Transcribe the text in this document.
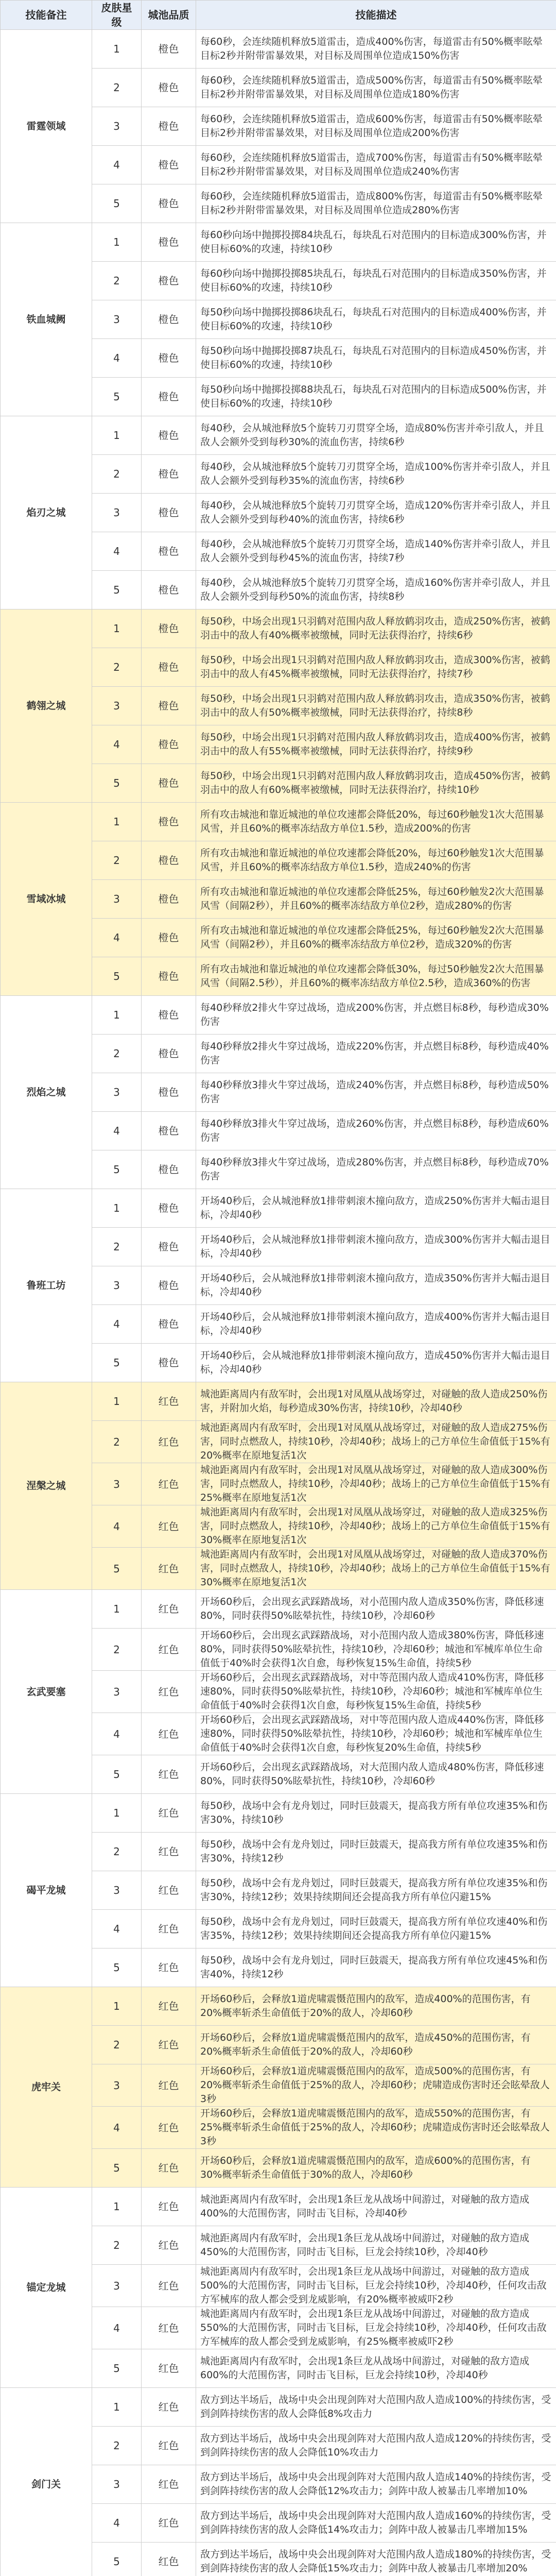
技能备注	皮肤星级	城池品质	技能描述
雷霆领域	1	橙色	每60秒，会连续随机释放5道雷击，造成400%伤害，每道雷击有50%概率眩晕目标2秒并附带雷暴效果，对目标及周围单位造成150%伤害
	2	橙色	每60秒，会连续随机释放5道雷击，造成500%伤害，每道雷击有50%概率眩晕目标2秒并附带雷暴效果，对目标及周围单位造成180%伤害
	3	橙色	每60秒，会连续随机释放5道雷击，造成600%伤害，每道雷击有50%概率眩晕目标2秒并附带雷暴效果，对目标及周围单位造成200%伤害
	4	橙色	每60秒，会连续随机释放5道雷击，造成700%伤害，每道雷击有50%概率眩晕目标2秒并附带雷暴效果，对目标及周围单位造成240%伤害
	5	橙色	每60秒，会连续随机释放5道雷击，造成800%伤害，每道雷击有50%概率眩晕目标2秒并附带雷暴效果，对目标及周围单位造成280%伤害
铁血城阙	1	橙色	每60秒向场中抛掷投掷84块乱石，每块乱石对范围内的目标造成300%伤害，并使目标60%的攻速，持续10秒
	2	橙色	每60秒向场中抛掷投掷85块乱石，每块乱石对范围内的目标造成350%伤害，并使目标60%的攻速，持续10秒
	3	橙色	每50秒向场中抛掷投掷86块乱石，每块乱石对范围内的目标造成400%伤害，并使目标60%的攻速，持续10秒
	4	橙色	每50秒向场中抛掷投掷87块乱石，每块乱石对范围内的目标造成450%伤害，并使目标60%的攻速，持续10秒
	5	橙色	每50秒向场中抛掷投掷88块乱石，每块乱石对范围内的目标造成500%伤害，并使目标60%的攻速，持续10秒
焰刃之城	1	橙色	每40秒，会从城池释放5个旋转刀刃贯穿全场，造成80%伤害并牵引敌人，并且敌人会额外受到每秒30%的流血伤害，持续6秒
	2	橙色	每40秒，会从城池释放5个旋转刀刃贯穿全场，造成100%伤害并牵引敌人，并且敌人会额外受到每秒35%的流血伤害，持续6秒
	3	橙色	每40秒，会从城池释放5个旋转刀刃贯穿全场，造成120%伤害并牵引敌人，并且敌人会额外受到每秒40%的流血伤害，持续6秒
	4	橙色	每40秒，会从城池释放5个旋转刀刃贯穿全场，造成140%伤害并牵引敌人，并且敌人会额外受到每秒45%的流血伤害，持续7秒
	5	橙色	每40秒，会从城池释放5个旋转刀刃贯穿全场，造成160%伤害并牵引敌人，并且敌人会额外受到每秒50%的流血伤害，持续8秒
鹤翎之城	1	橙色	每50秒，中场会出现1只羽鹤对范围内敌人释放鹤羽攻击，造成250%伤害，被鹤羽击中的敌人有40%概率被缴械，同时无法获得治疗，持续6秒
	2	橙色	每50秒，中场会出现1只羽鹤对范围内敌人释放鹤羽攻击，造成300%伤害，被鹤羽击中的敌人有45%概率被缴械，同时无法获得治疗，持续7秒
	3	橙色	每50秒，中场会出现1只羽鹤对范围内敌人释放鹤羽攻击，造成350%伤害，被鹤羽击中的敌人有50%概率被缴械，同时无法获得治疗，持续8秒
	4	橙色	每50秒，中场会出现1只羽鹤对范围内敌人释放鹤羽攻击，造成400%伤害，被鹤羽击中的敌人有55%概率被缴械，同时无法获得治疗，持续9秒
	5	橙色	每50秒，中场会出现1只羽鹤对范围内敌人释放鹤羽攻击，造成450%伤害，被鹤羽击中的敌人有60%概率被缴械，同时无法获得治疗，持续10秒
雪域冰城	1	橙色	所有攻击城池和靠近城池的单位攻速都会降低20%，每过60秒触发1次大范围暴风雪，并且60%的概率冻结敌方单位1.5秒，造成200%的伤害
	2	橙色	所有攻击城池和靠近城池的单位攻速都会降低20%，每过60秒触发1次大范围暴风雪，并且60%的概率冻结敌方单位1.5秒，造成240%的伤害
	3	橙色	所有攻击城池和靠近城池的单位攻速都会降低25%，每过60秒触发2次大范围暴风雪（间隔2秒），并且60%的概率冻结敌方单位2秒，造成280%的伤害
	4	橙色	所有攻击城池和靠近城池的单位攻速都会降低25%，每过60秒触发2次大范围暴风雪（间隔2秒），并且60%的概率冻结敌方单位2秒，造成320%的伤害
	5	橙色	所有攻击城池和靠近城池的单位攻速都会降低30%，每过50秒触发2次大范围暴风雪（间隔2.5秒），并且60%的概率冻结敌方单位2.5秒，造成360%的伤害
烈焰之城	1	橙色	每40秒释放2排火牛穿过战场，造成200%伤害，并点燃目标8秒，每秒造成30%伤害
	2	橙色	每40秒释放2排火牛穿过战场，造成220%伤害，并点燃目标8秒，每秒造成40%伤害
	3	橙色	每40秒释放3排火牛穿过战场，造成240%伤害，并点燃目标8秒，每秒造成50%伤害
	4	橙色	每40秒释放3排火牛穿过战场，造成260%伤害，并点燃目标8秒，每秒造成60%伤害
	5	橙色	每40秒释放3排火牛穿过战场，造成280%伤害，并点燃目标8秒，每秒造成70%伤害
鲁班工坊	1	橙色	开场40秒后，会从城池释放1排带刺滚木撞向敌方，造成250%伤害并大幅击退目标，冷却40秒
	2	橙色	开场40秒后，会从城池释放1排带刺滚木撞向敌方，造成300%伤害并大幅击退目标，冷却40秒
	3	橙色	开场40秒后，会从城池释放1排带刺滚木撞向敌方，造成350%伤害并大幅击退目标，冷却40秒
	4	橙色	开场40秒后，会从城池释放1排带刺滚木撞向敌方，造成400%伤害并大幅击退目标，冷却40秒
	5	橙色	开场40秒后，会从城池释放1排带刺滚木撞向敌方，造成450%伤害并大幅击退目标，冷却40秒
涅槃之城	1	红色	城池距离周内有敌军时，会出现1对凤凰从战场穿过，对碰触的敌人造成250%伤害，并附加火焰，每秒造成30%伤害，持续10秒，冷却40秒
	2	红色	城池距离周内有敌军时，会出现1对凤凰从战场穿过，对碰触的敌人造成275%伤害，同时点燃敌人，持续10秒，冷却40秒；战场上的己方单位生命值低于15%有20%概率在原地复活1次
	3	红色	城池距离周内有敌军时，会出现1对凤凰从战场穿过，对碰触的敌人造成300%伤害，同时点燃敌人，持续10秒，冷却40秒；战场上的己方单位生命值低于15%有25%概率在原地复活1次
	4	红色	城池距离周内有敌军时，会出现1对凤凰从战场穿过，对碰触的敌人造成325%伤害，同时点燃敌人，持续10秒，冷却40秒；战场上的己方单位生命值低于15%有30%概率在原地复活1次
	5	红色	城池距离周内有敌军时，会出现1对凤凰从战场穿过，对碰触的敌人造成370%伤害，同时点燃敌人，持续10秒，冷却40秒；战场上的己方单位生命值低于15%有30%概率在原地复活1次
玄武要塞	1	红色	开场60秒后，会出现玄武踩踏战场，对小范围内敌人造成350%伤害，降低移速80%，同时获得50%眩晕抗性，持续10秒，冷却60秒
	2	红色	开场60秒后，会出现玄武踩踏战场，对小范围内敌人造成380%伤害，降低移速80%，同时获得50%眩晕抗性，持续10秒，冷却60秒；城池和军械库单位生命值低于40%时会获得1次自愈，每秒恢复15%生命值，持续5秒
	3	红色	开场60秒后，会出现玄武踩踏战场，对中等范围内敌人造成410%伤害，降低移速80%，同时获得50%眩晕抗性，持续10秒，冷却60秒；城池和军械库单位生命值低于40%时会获得1次自愈，每秒恢复15%生命值，持续5秒
	4	红色	开场60秒后，会出现玄武踩踏战场，对中等范围内敌人造成440%伤害，降低移速80%，同时获得50%眩晕抗性，持续10秒，冷却60秒；城池和军械库单位生命值低于40%时会获得1次自愈，每秒恢复20%生命值，持续5秒
	5	红色	开场60秒后，会出现玄武踩踏战场，对大范围内敌人造成480%伤害，降低移速80%，同时获得50%眩晕抗性，持续10秒，冷却60秒
碣平龙城	1	红色	每50秒，战场中会有龙舟划过，同时巨鼓震天，提高我方所有单位攻速35%和伤害30%，持续10秒
	2	红色	每50秒，战场中会有龙舟划过，同时巨鼓震天，提高我方所有单位攻速35%和伤害30%，持续12秒
	3	红色	每50秒，战场中会有龙舟划过，同时巨鼓震天，提高我方所有单位攻速35%和伤害30%，持续12秒；效果持续期间还会提高我方所有单位闪避15%
	4	红色	每50秒，战场中会有龙舟划过，同时巨鼓震天，提高我方所有单位攻速40%和伤害35%，持续12秒；效果持续期间还会提高我方所有单位闪避15%
	5	红色	每50秒，战场中会有龙舟划过，同时巨鼓震天，提高我方所有单位攻速45%和伤害40%，持续12秒
虎牢关	1	红色	开场60秒后，会释放1道虎啸震慑范围内的敌军，造成400%的范围伤害，有20%概率斩杀生命值低于20%的敌人，冷却60秒
	2	红色	开场60秒后，会释放1道虎啸震慑范围内的敌军，造成450%的范围伤害，有20%概率斩杀生命值低于20%的敌人，冷却60秒
	3	红色	开场60秒后，会释放1道虎啸震慑范围内的敌军，造成500%的范围伤害，有20%概率斩杀生命值低于25%的敌人，冷却60秒；虎啸造成伤害时还会眩晕敌人3秒
	4	红色	开场60秒后，会释放1道虎啸震慑范围内的敌军，造成550%的范围伤害，有25%概率斩杀生命值低于25%的敌人，冷却60秒；虎啸造成伤害时还会眩晕敌人3秒
	5	红色	开场60秒后，会释放1道虎啸震慑范围内的敌军，造成600%的范围伤害，有30%概率斩杀生命值低于30%的敌人，冷却60秒
锚定龙城	1	红色	城池距离周内有敌军时，会出现1条巨龙从战场中间游过，对碰触的敌方造成400%的大范围伤害，同时击飞目标，冷却40秒
	2	红色	城池距离周内有敌军时，会出现1条巨龙从战场中间游过，对碰触的敌方造成450%的大范围伤害，同时击飞目标，巨龙会持续10秒，冷却40秒
	3	红色	城池距离周内有敌军时，会出现1条巨龙从战场中间游过，对碰触的敌方造成500%的大范围伤害，同时击飞目标，巨龙会持续10秒，冷却40秒，任何攻击敌方军械库的敌人都会受到龙威影响，有20%概率被威吓2秒
	4	红色	城池距离周内有敌军时，会出现1条巨龙从战场中间游过，对碰触的敌方造成550%的大范围伤害，同时击飞目标，巨龙会持续10秒，冷却40秒，任何攻击敌方军械库的敌人都会受到龙威影响，有25%概率被威吓2秒
	5	红色	城池距离周内有敌军时，会出现1条巨龙从战场中间游过，对碰触的敌方造成600%的大范围伤害，同时击飞目标，巨龙会持续10秒，冷却40秒
剑门关	1	红色	敌方到达半场后，战场中央会出现剑阵对大范围内敌人造成100%的持续伤害，受到剑阵持续伤害的敌人会降低8%攻击力
	2	红色	敌方到达半场后，战场中央会出现剑阵对大范围内敌人造成120%的持续伤害，受到剑阵持续伤害的敌人会降低10%攻击力
	3	红色	敌方到达半场后，战场中央会出现剑阵对大范围内敌人造成140%的持续伤害，受到剑阵持续伤害的敌人会降低12%攻击力；剑阵中敌人被暴击几率增加10%
	4	红色	敌方到达半场后，战场中央会出现剑阵对大范围内敌人造成160%的持续伤害，受到剑阵持续伤害的敌人会降低14%攻击力；剑阵中敌人被暴击几率增加15%
	5	红色	敌方到达半场后，战场中央会出现剑阵对大范围内敌人造成180%的持续伤害，受到剑阵持续伤害的敌人会降低15%攻击力；剑阵中敌人被暴击几率增加20%
